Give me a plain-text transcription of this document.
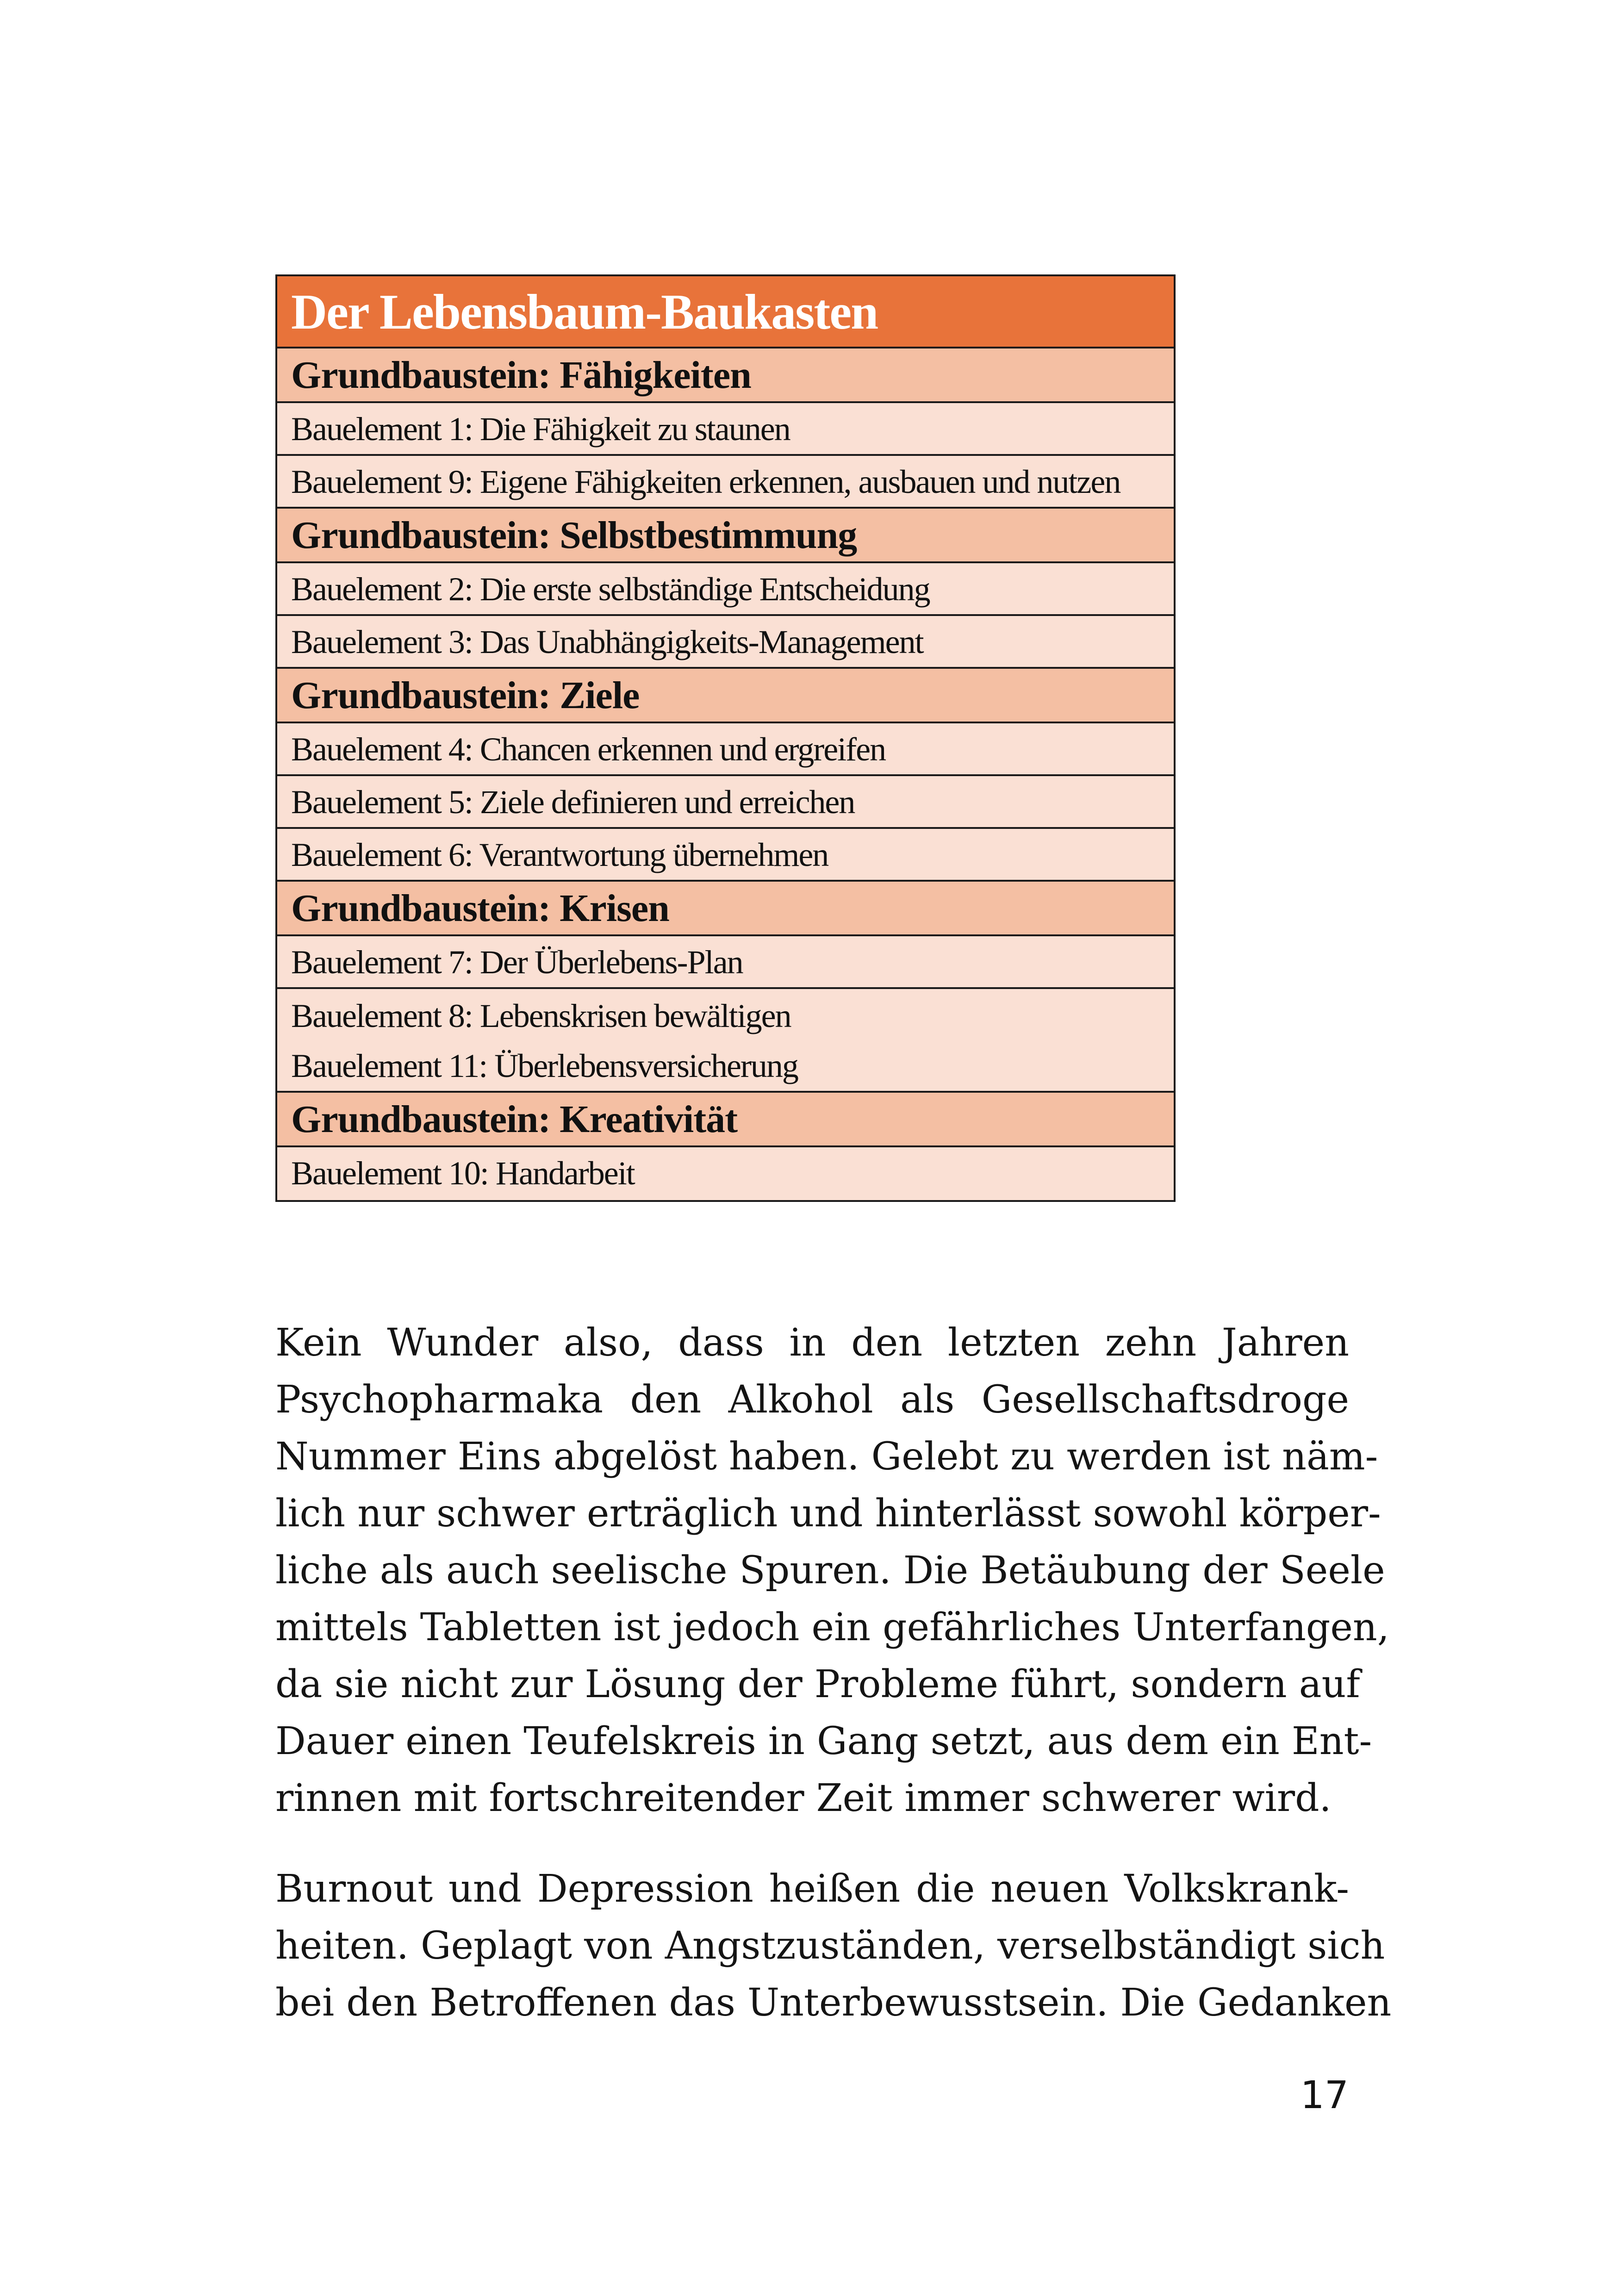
Der Lebensbaum-Baukasten
Grundbaustein: Fähigkeiten
Bauelement 1: Die Fähigkeit zu staunen
Bauelement 9: Eigene Fähigkeiten erkennen, ausbauen und nutzen
Grundbaustein: Selbstbestimmung
Bauelement 2: Die erste selbständige Entscheidung
Bauelement 3: Das Unabhängigkeits-Management
Grundbaustein: Ziele
Bauelement 4: Chancen erkennen und ergreifen
Bauelement 5: Ziele definieren und erreichen
Bauelement 6: Verantwortung übernehmen
Grundbaustein: Krisen
Bauelement 7: Der Überlebens-Plan
Bauelement 8: Lebenskrisen bewältigen
Bauelement 11: Überlebensversicherung
Grundbaustein: Kreativität
Bauelement 10: Handarbeit
Kein Wunder also, dass in den letzten zehn Jahren
Psychopharmaka den Alkohol als Gesellschaftsdroge
Nummer Eins abgelöst haben. Gelebt zu werden ist näm-
lich nur schwer erträglich und hinterlässt sowohl körper-
liche als auch seelische Spuren. Die Betäubung der Seele
mittels Tabletten ist jedoch ein gefährliches Unterfangen,
da sie nicht zur Lösung der Probleme führt, sondern auf
Dauer einen Teufelskreis in Gang setzt, aus dem ein Ent-
rinnen mit fortschreitender Zeit immer schwerer wird.
Burnout und Depression heißen die neuen Volkskrank-
heiten. Geplagt von Angstzuständen, verselbständigt sich
bei den Betroffenen das Unterbewusstsein. Die Gedanken
17
